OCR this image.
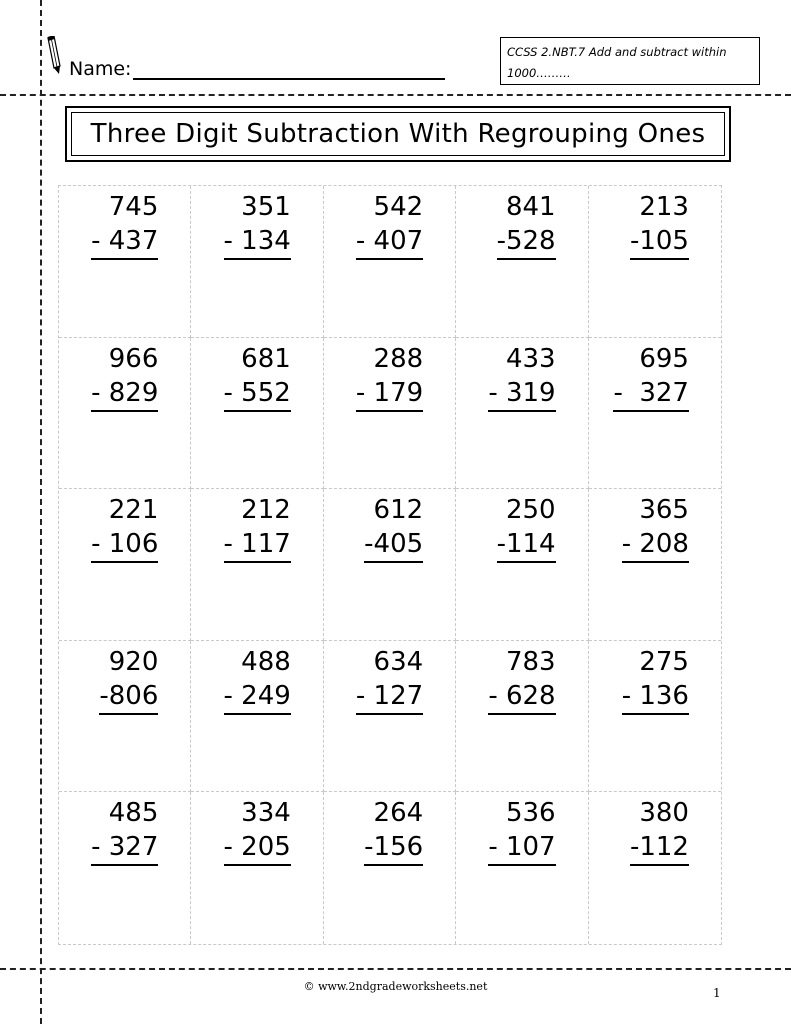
Name:
CCSS 2.NBT.7 Add and subtract within 1000………
Three Digit Subtraction With Regrouping Ones
745
- 437
351
- 134
542
- 407
841
-528
213
-105
966
- 829
681
- 552
288
- 179
433
- 319
695
-  327
221
- 106
212
- 117
612
-405
250
-114
365
- 208
920
-806
488
- 249
634
- 127
783
- 628
275
- 136
485
- 327
334
- 205
264
-156
536
- 107
380
-112
© www.2ndgradeworksheets.net	1
